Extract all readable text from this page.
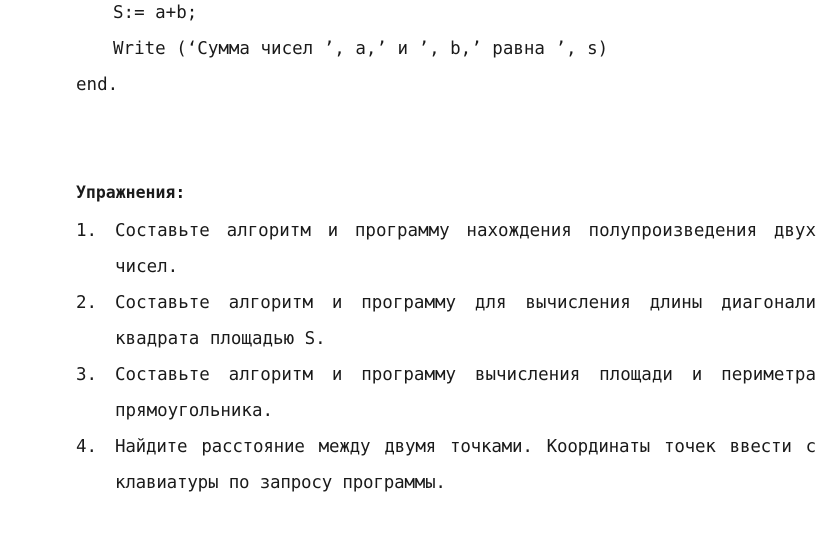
S:= a+b;
Write (‘Сумма чисел ’, a,’ и ’, b,’ равна ’, s)
end.
Упражнения:
1. Составьте алгоритм и программу нахождения полупроизведения двух чисел.
2. Составьте алгоритм и программу для вычисления длины диагонали квадрата площадью S.
3. Составьте алгоритм и программу вычисления площади и периметра прямоугольника.
4. Найдите расстояние между двумя точками. Координаты точек ввести с клавиатуры по запросу программы.
